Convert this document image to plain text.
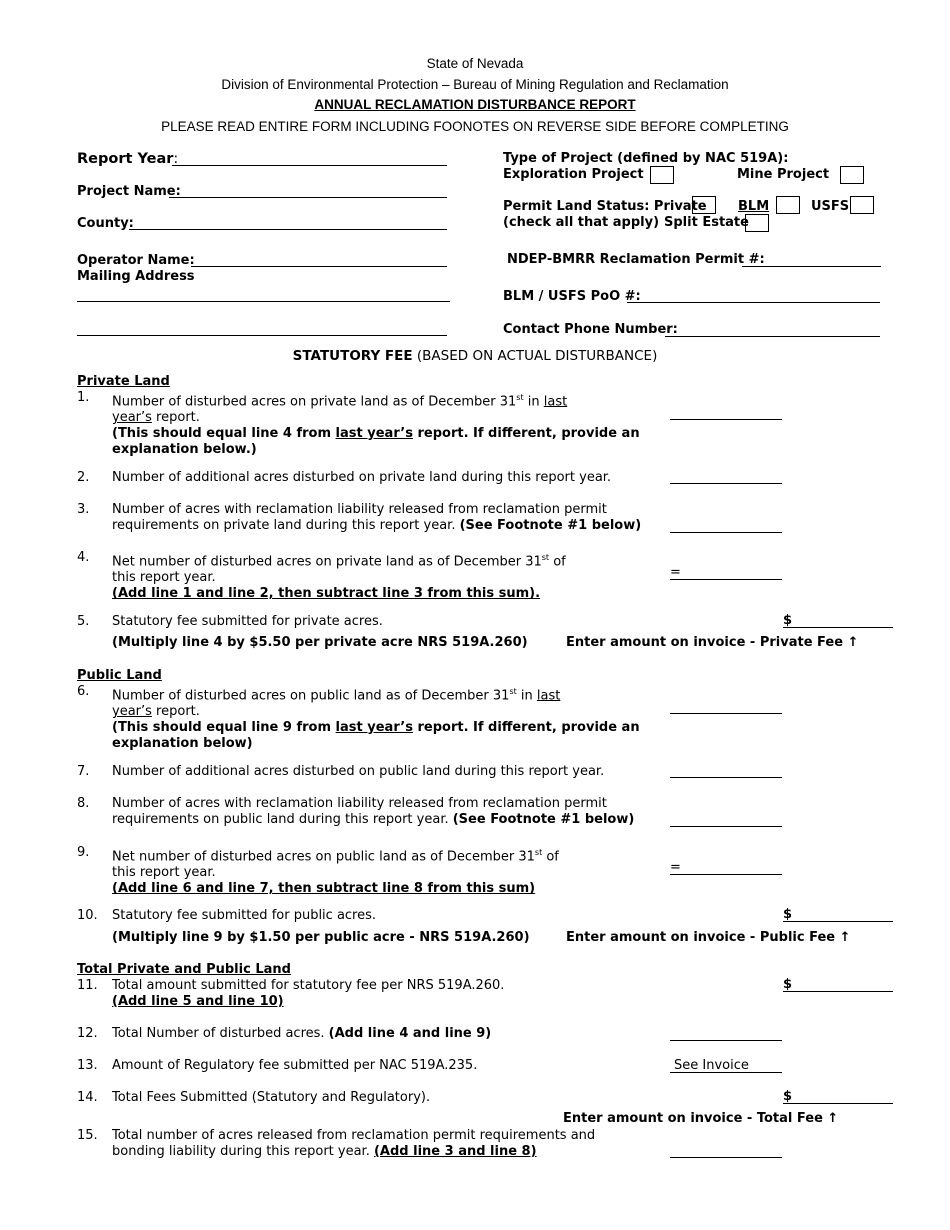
State of Nevada
Division of Environmental Protection – Bureau of Mining Regulation and Reclamation
ANNUAL RECLAMATION DISTURBANCE REPORT
PLEASE READ ENTIRE FORM INCLUDING FOONOTES ON REVERSE SIDE BEFORE COMPLETING
Report Year:
Project Name:
County:
Operator Name:
Mailing Address
Type of Project (defined by NAC 519A):
Exploration Project	Mine Project
Permit Land Status: Private BLM	USFS
(check all that apply) Split Estate
NDEP-BMRR Reclamation Permit #:
BLM / USFS PoO #:
Contact Phone Number:
STATUTORY FEE (BASED ON ACTUAL DISTURBANCE)
Private Land
1. Number of disturbed acres on private land as of December 31st in last
year’s report.
(This should equal line 4 from last year’s report. If different, provide an
explanation below.)
2. Number of additional acres disturbed on private land during this report year.
3. Number of acres with reclamation liability released from reclamation permit
requirements on private land during this report year. (See Footnote #1 below)
4. Net number of disturbed acres on private land as of December 31st of
this report year.
(Add line 1 and line 2, then subtract line 3 from this sum).
=
5. Statutory fee submitted for private acres.	$
(Multiply line 4 by $5.50 per private acre NRS 519A.260)	Enter amount on invoice - Private Fee ↑
Public Land
6. Number of disturbed acres on public land as of December 31st in last
year’s report.
(This should equal line 9 from last year’s report. If different, provide an
explanation below)
7. Number of additional acres disturbed on public land during this report year.
8. Number of acres with reclamation liability released from reclamation permit
requirements on public land during this report year. (See Footnote #1 below)
9. Net number of disturbed acres on public land as of December 31st of
this report year.
(Add line 6 and line 7, then subtract line 8 from this sum)
=
10. Statutory fee submitted for public acres.	$
(Multiply line 9 by $1.50 per public acre - NRS 519A.260)	Enter amount on invoice - Public Fee ↑
Total Private and Public Land
11. Total amount submitted for statutory fee per NRS 519A.260.
(Add line 5 and line 10)
$
12. Total Number of disturbed acres. (Add line 4 and line 9)
13. Amount of Regulatory fee submitted per NAC 519A.235.	See Invoice
14. Total Fees Submitted (Statutory and Regulatory).	$
Enter amount on invoice - Total Fee ↑
15. Total number of acres released from reclamation permit requirements and
bonding liability during this report year. (Add line 3 and line 8)
